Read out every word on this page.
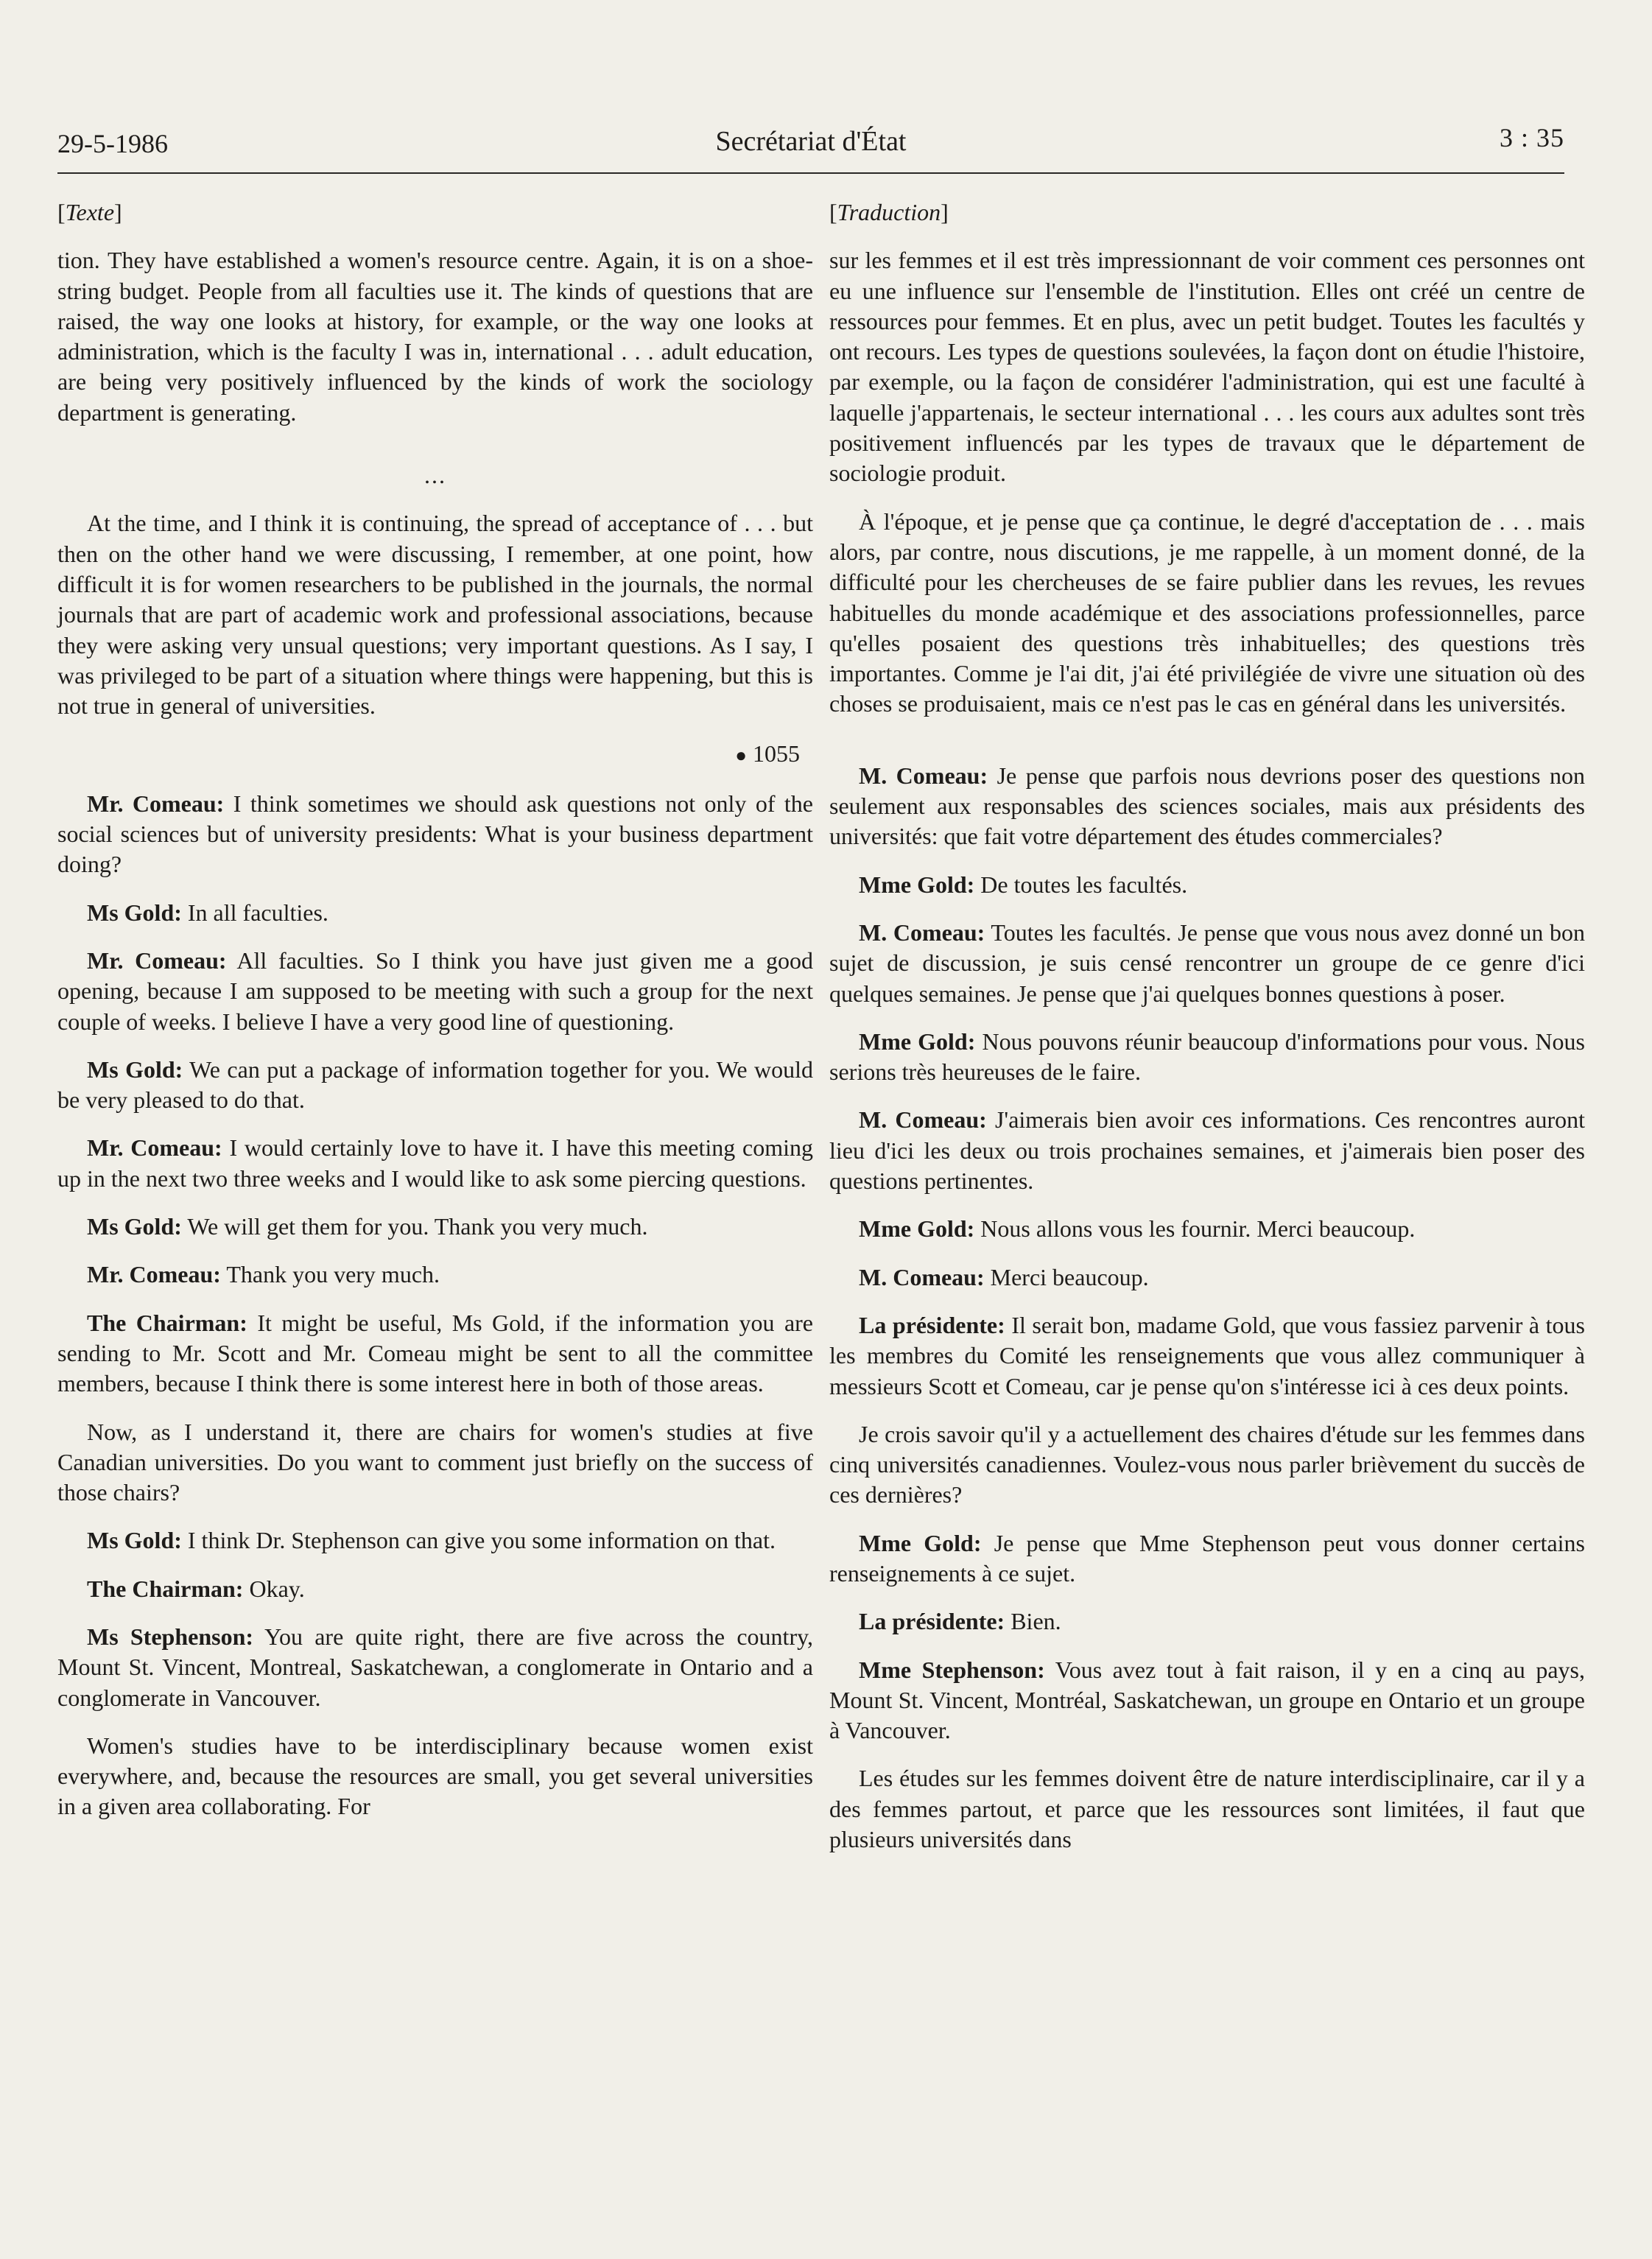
29-5-1986	Secrétariat d'État	3 : 35

[Texte]

tion. They have established a women's resource centre. Again, it is on a shoe-string budget. People from all faculties use it. The kinds of questions that are raised, the way one looks at history, for example, or the way one looks at administration, which is the faculty I was in, international . . . adult education, are being very positively influenced by the kinds of work the sociology department is generating.

...

At the time, and I think it is continuing, the spread of acceptance of . . . but then on the other hand we were discussing, I remember, at one point, how difficult it is for women researchers to be published in the journals, the normal journals that are part of academic work and professional associations, because they were asking very unsual questions; very important questions. As I say, I was privileged to be part of a situation where things were happening, but this is not true in general of universities.

● 1055

Mr. Comeau: I think sometimes we should ask questions not only of the social sciences but of university presidents: What is your business department doing?

Ms Gold: In all faculties.

Mr. Comeau: All faculties. So I think you have just given me a good opening, because I am supposed to be meeting with such a group for the next couple of weeks. I believe I have a very good line of questioning.

Ms Gold: We can put a package of information together for you. We would be very pleased to do that.

Mr. Comeau: I would certainly love to have it. I have this meeting coming up in the next two three weeks and I would like to ask some piercing questions.

Ms Gold: We will get them for you. Thank you very much.

Mr. Comeau: Thank you very much.

The Chairman: It might be useful, Ms Gold, if the information you are sending to Mr. Scott and Mr. Comeau might be sent to all the committee members, because I think there is some interest here in both of those areas.

Now, as I understand it, there are chairs for women's studies at five Canadian universities. Do you want to comment just briefly on the success of those chairs?

Ms Gold: I think Dr. Stephenson can give you some information on that.

The Chairman: Okay.

Ms Stephenson: You are quite right, there are five across the country, Mount St. Vincent, Montreal, Saskatchewan, a conglomerate in Ontario and a conglomerate in Vancouver.

Women's studies have to be interdisciplinary because women exist everywhere, and, because the resources are small, you get several universities in a given area collaborating. For

[Traduction]

sur les femmes et il est très impressionnant de voir comment ces personnes ont eu une influence sur l'ensemble de l'institution. Elles ont créé un centre de ressources pour femmes. Et en plus, avec un petit budget. Toutes les facultés y ont recours. Les types de questions soulevées, la façon dont on étudie l'histoire, par exemple, ou la façon de considérer l'administration, qui est une faculté à laquelle j'appartenais, le secteur international . . . les cours aux adultes sont très positivement influencés par les types de travaux que le département de sociologie produit.

À l'époque, et je pense que ça continue, le degré d'acceptation de . . . mais alors, par contre, nous discutions, je me rappelle, à un moment donné, de la difficulté pour les chercheuses de se faire publier dans les revues, les revues habituelles du monde académique et des associations professionnelles, parce qu'elles posaient des questions très inhabituelles; des questions très importantes. Comme je l'ai dit, j'ai été privilégiée de vivre une situation où des choses se produisaient, mais ce n'est pas le cas en général dans les universités.

M. Comeau: Je pense que parfois nous devrions poser des questions non seulement aux responsables des sciences sociales, mais aux présidents des universités: que fait votre département des études commerciales?

Mme Gold: De toutes les facultés.

M. Comeau: Toutes les facultés. Je pense que vous nous avez donné un bon sujet de discussion, je suis censé rencontrer un groupe de ce genre d'ici quelques semaines. Je pense que j'ai quelques bonnes questions à poser.

Mme Gold: Nous pouvons réunir beaucoup d'informations pour vous. Nous serions très heureuses de le faire.

M. Comeau: J'aimerais bien avoir ces informations. Ces rencontres auront lieu d'ici les deux ou trois prochaines semaines, et j'aimerais bien poser des questions pertinentes.

Mme Gold: Nous allons vous les fournir. Merci beaucoup.

M. Comeau: Merci beaucoup.

La présidente: Il serait bon, madame Gold, que vous fassiez parvenir à tous les membres du Comité les renseignements que vous allez communiquer à messieurs Scott et Comeau, car je pense qu'on s'intéresse ici à ces deux points.

Je crois savoir qu'il y a actuellement des chaires d'étude sur les femmes dans cinq universités canadiennes. Voulez-vous nous parler brièvement du succès de ces dernières?

Mme Gold: Je pense que Mme Stephenson peut vous donner certains renseignements à ce sujet.

La présidente: Bien.

Mme Stephenson: Vous avez tout à fait raison, il y en a cinq au pays, Mount St. Vincent, Montréal, Saskatchewan, un groupe en Ontario et un groupe à Vancouver.

Les études sur les femmes doivent être de nature interdisciplinaire, car il y a des femmes partout, et parce que les ressources sont limitées, il faut que plusieurs universités dans
